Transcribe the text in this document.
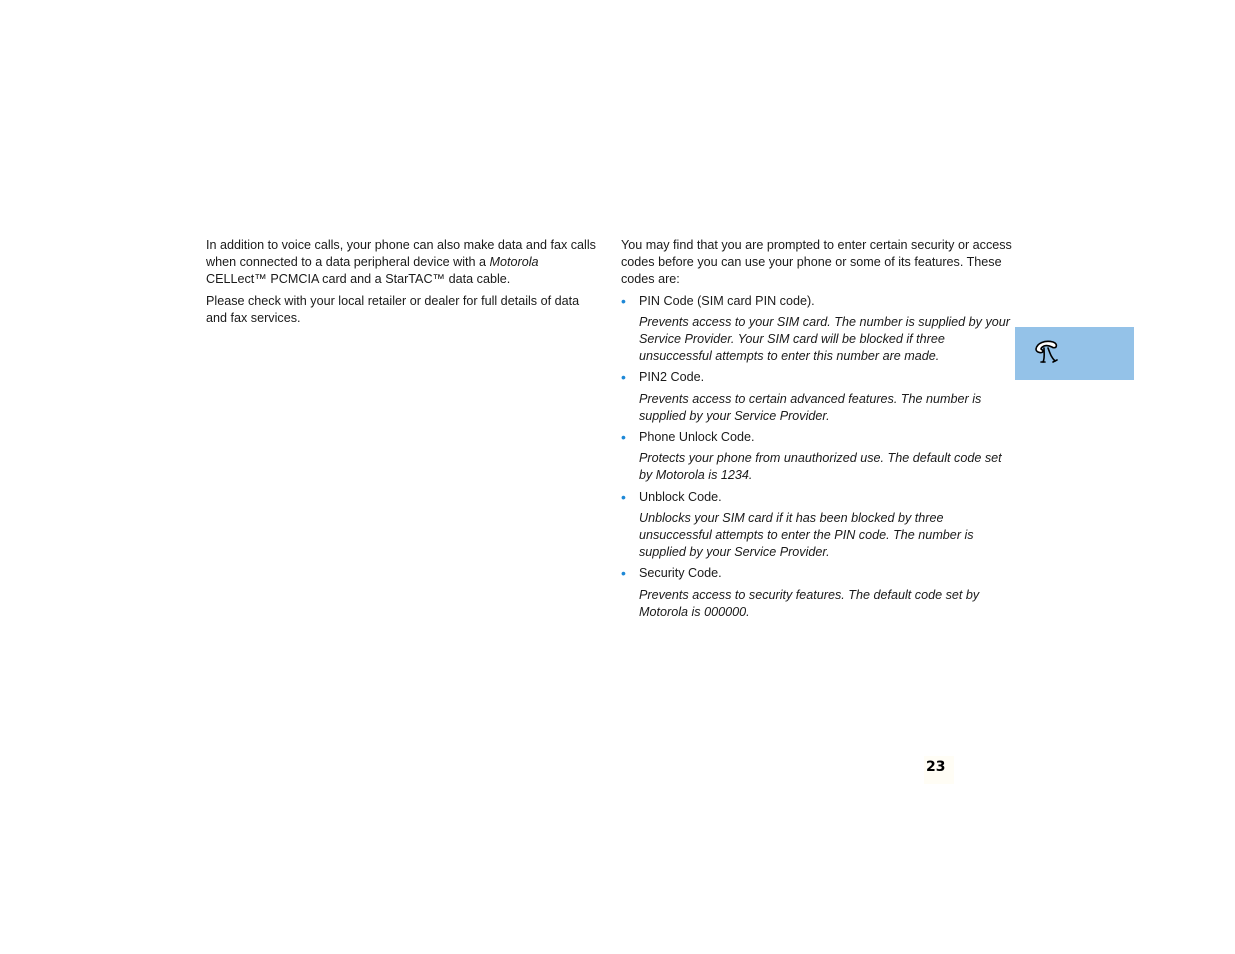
In addition to voice calls, your phone can also make data and fax calls when connected to a data peripheral device with a Motorola CELLect™ PCMCIA card and a StarTAC™ data cable.

Please check with your local retailer or dealer for full details of data and fax services.

You may find that you are prompted to enter certain security or access codes before you can use your phone or some of its features. These codes are:

• PIN Code (SIM card PIN code).
Prevents access to your SIM card. The number is supplied by your Service Provider. Your SIM card will be blocked if three unsuccessful attempts to enter this number are made.
• PIN2 Code.
Prevents access to certain advanced features. The number is supplied by your Service Provider.
• Phone Unlock Code.
Protects your phone from unauthorized use. The default code set by Motorola is 1234.
• Unblock Code.
Unblocks your SIM card if it has been blocked by three unsuccessful attempts to enter the PIN code. The number is supplied by your Service Provider.
• Security Code.
Prevents access to security features. The default code set by Motorola is 000000.
23
